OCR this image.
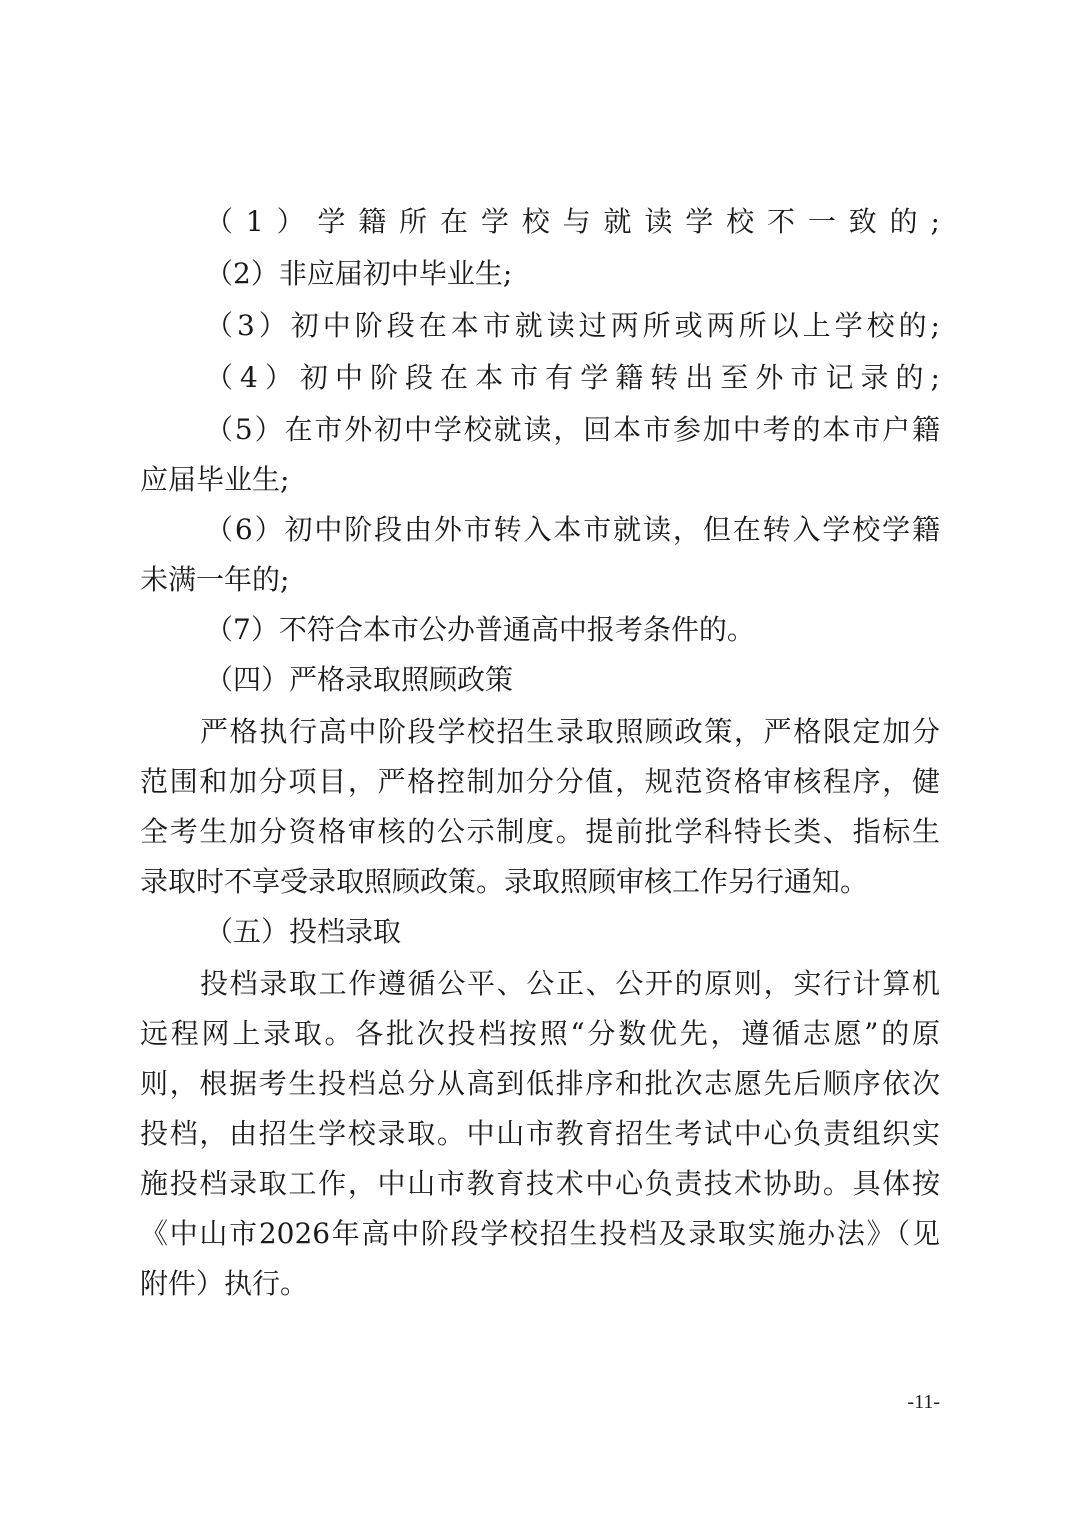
（1）学籍所在学校与就读学校不一致的;
（2）非应届初中毕业生;
（3）初中阶段在本市就读过两所或两所以上学校的;
（4）初中阶段在本市有学籍转出至外市记录的;
（5）在市外初中学校就读，回本市参加中考的本市户籍
应届毕业生;
（6）初中阶段由外市转入本市就读，但在转入学校学籍
未满一年的;
（7）不符合本市公办普通高中报考条件的。
（四）严格录取照顾政策
严格执行高中阶段学校招生录取照顾政策，严格限定加分
范围和加分项目，严格控制加分分值，规范资格审核程序，健
全考生加分资格审核的公示制度。提前批学科特长类、指标生
录取时不享受录取照顾政策。录取照顾审核工作另行通知。
（五）投档录取
投档录取工作遵循公平、公正、公开的原则，实行计算机
远程网上录取。各批次投档按照“分数优先，遵循志愿”的原
则，根据考生投档总分从高到低排序和批次志愿先后顺序依次
投档，由招生学校录取。中山市教育招生考试中心负责组织实
施投档录取工作，中山市教育技术中心负责技术协助。具体按
《中山市2026年高中阶段学校招生投档及录取实施办法》（见
附件）执行。
-11-
